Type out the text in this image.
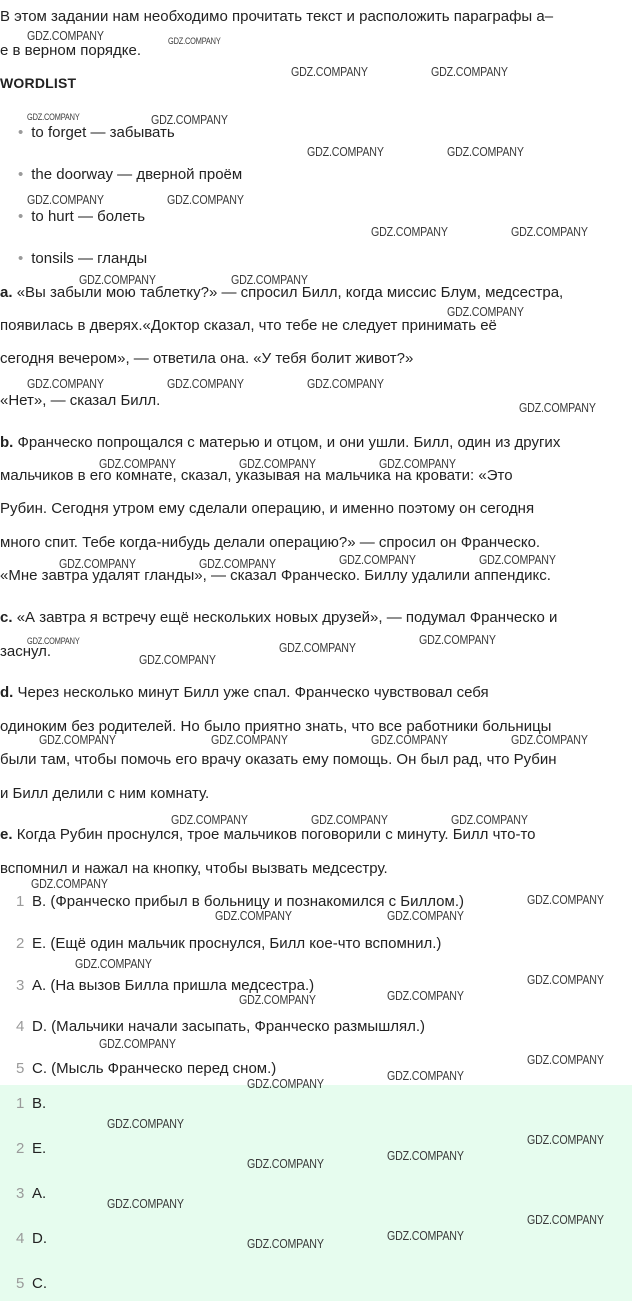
В этом задании нам необходимо прочитать текст и расположить параграфы а–
е в верном порядке.
WORDLIST
• to forget — забывать
• the doorway — дверной проём
• to hurt — болеть
• tonsils — гланды
a. «Вы забыли мою таблетку?» — спросил Билл, когда миссис Блум, медсестра,
появилась в дверях.«Доктор сказал, что тебе не следует принимать её
сегодня вечером», — ответила она. «У тебя болит живот?»
«Нет», — сказал Билл.
b. Франческо попрощался с матерью и отцом, и они ушли. Билл, один из других
мальчиков в его комнате, сказал, указывая на мальчика на кровати: «Это
Рубин. Сегодня утром ему сделали операцию, и именно поэтому он сегодня
много спит. Тебе когда-нибудь делали операцию?» — спросил он Франческо.
«Мне завтра удалят гланды», — сказал Франческо. Биллу удалили аппендикс.
c. «А завтра я встречу ещё нескольких новых друзей», — подумал Франческо и
заснул.
d. Через несколько минут Билл уже спал. Франческо чувствовал себя
одиноким без родителей. Но было приятно знать, что все работники больницы
были там, чтобы помочь его врачу оказать ему помощь. Он был рад, что Рубин
и Билл делили с ним комнату.
e. Когда Рубин проснулся, трое мальчиков поговорили с минуту. Билл что-то
вспомнил и нажал на кнопку, чтобы вызвать медсестру.
1 B. (Франческо прибыл в больницу и познакомился с Биллом.)
2 E. (Ещё один мальчик проснулся, Билл кое-что вспомнил.)
3 A. (На вызов Билла пришла медсестра.)
4 D. (Мальчики начали засыпать, Франческо размышлял.)
5 C. (Мысль Франческо перед сном.)
1 B.
2 E.
3 A.
4 D.
5 C.
GDZ.COMPANY	GDZ.COMPANY
GDZ.COMPANY	GDZ.COMPANY
GDZ.COMPANY	GDZ.COMPANY
GDZ.COMPANY	GDZ.COMPANY
GDZ.COMPANY	GDZ.COMPANY
GDZ.COMPANY	GDZ.COMPANY
GDZ.COMPANY	GDZ.COMPANY
GDZ.COMPANY
GDZ.COMPANY	GDZ.COMPANY	GDZ.COMPANY
GDZ.COMPANY
GDZ.COMPANY	GDZ.COMPANY	GDZ.COMPANY
GDZ.COMPANY	GDZ.COMPANY	GDZ.COMPANY	GDZ.COMPANY
GDZ.COMPANY
GDZ.COMPANY	GDZ.COMPANY
GDZ.COMPANY
GDZ.COMPANY	GDZ.COMPANY	GDZ.COMPANY	GDZ.COMPANY
GDZ.COMPANY	GDZ.COMPANY	GDZ.COMPANY
GDZ.COMPANY
GDZ.COMPANY
GDZ.COMPANY	GDZ.COMPANY
GDZ.COMPANY
GDZ.COMPANY
GDZ.COMPANY	GDZ.COMPANY
GDZ.COMPANY
GDZ.COMPANY
GDZ.COMPANY
GDZ.COMPANY
GDZ.COMPANY
GDZ.COMPANY
GDZ.COMPANY
GDZ.COMPANY
GDZ.COMPANY
GDZ.COMPANY
GDZ.COMPANY
GDZ.COMPANY
